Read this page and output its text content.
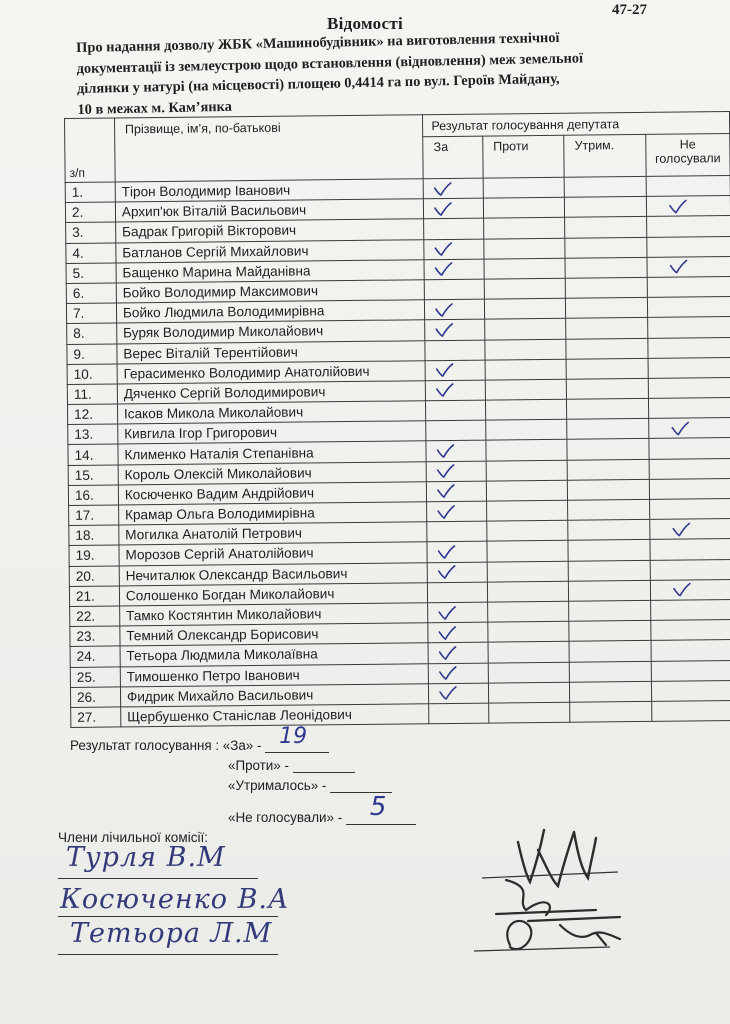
47-27
Відомості
Про надання дозволу ЖБК «Машинобудівник» на виготовлення технічної
документації із землеустрою щодо встановлення (відновлення) меж земельної
ділянки у натурі (на місцевості) площею 0,4414 га по вул. Героїв Майдану,
10 в межах м. Кам’янка
з/п	Прізвище, ім’я, по-батькові	Результат голосування депутата			
		За	Проти	Утрим.	Не
голосували
1.	Тірон Володимир Іванович	

2.	Архип'юк Віталій Васильович	

3.	Бадрак Григорій Вікторович				
4.	Батланов Сергій Михайлович	

5.	Бащенко Марина Майданівна	

6.	Бойко Володимир Максимович				
7.	Бойко Людмила Володимирівна	

8.	Буряк Володимир Миколайович	

9.	Верес Віталій Терентійович				
10.	Герасименко Володимир Анатолійович	

11.	Дяченко Сергій Володимирович	

12.	Ісаков Микола Миколайович				
13.	Кивгила Ігор Григорович				

14.	Клименко Наталія Степанівна	

15.	Король Олексій Миколайович	

16.	Косюченко Вадим Андрійович	

17.	Крамар Ольга Володимирівна	

18.	Могилка Анатолій Петрович				

19.	Морозов Сергій Анатолійович	

20.	Нечиталюк Олександр Васильович	

21.	Солошенко Богдан Миколайович				

22.	Тамко Костянтин Миколайович	

23.	Темний Олександр Борисович	

24.	Тетьора Людмила Миколаївна	

25.	Тимошенко Петро Іванович	

26.	Фидрик Михайло Васильович	

27.	Щербушенко Станіслав Леонідович				
Результат голосування : «За» - 19
«Проти» -
«Утрималось» -
«Не голосували» - 5
Члени лічильної комісії:
Турля В.М
Косюченко В.А
Тетьора Л.М
